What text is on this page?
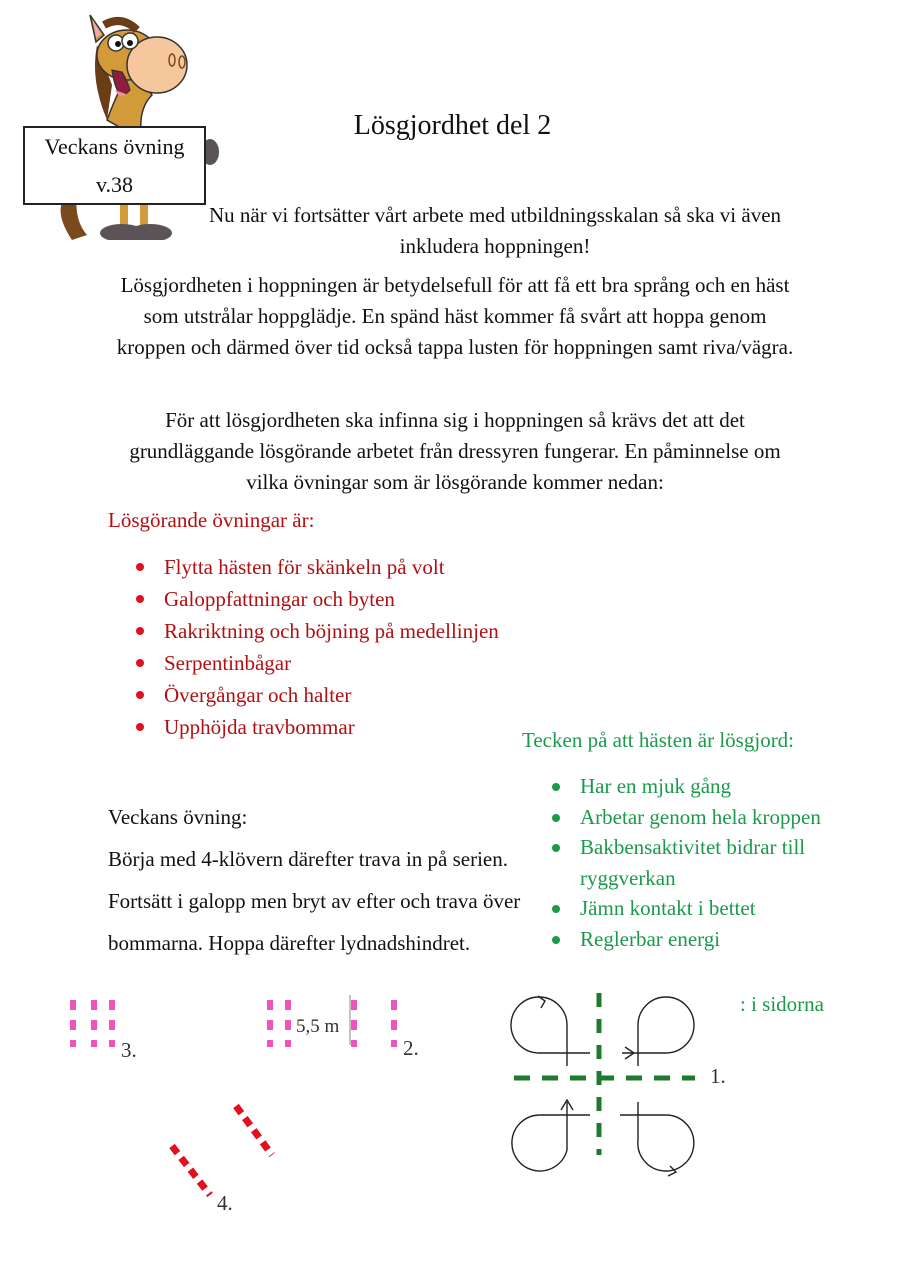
Veckans övning
v.38
Lösgjordhet del 2
Nu när vi fortsätter vårt arbete med utbildningsskalan så ska vi även inkludera hoppningen!
Lösgjordheten i hoppningen är betydelsefull för att få ett bra språng och en häst som utstrålar hoppglädje. En spänd häst kommer få svårt att hoppa genom kroppen och därmed över tid också tappa lusten för hoppningen samt riva/vägra.
För att lösgjordheten ska infinna sig i hoppningen så krävs det att det grundläggande lösgörande arbetet från dressyren fungerar. En påminnelse om vilka övningar som är lösgörande kommer nedan:
Lösgörande övningar är:
Flytta hästen för skänkeln på volt
Galoppfattningar och byten
Rakriktning och böjning på medellinjen
Serpentinbågar
Övergångar och halter
Upphöjda travbommar
Tecken på att hästen är lösgjord:
Har en mjuk gång
Arbetar genom hela kroppen
Bakbensaktivitet bidrar till ryggverkan
Jämn kontakt i bettet
Reglerbar energi
: i sidorna
Veckans övning:
Börja med 4-klövern därefter trava in på serien. Fortsätt i galopp men bryt av efter och trava över bommarna. Hoppa därefter lydnadshindret.
3.
5,5 m
2.
4.
1.
